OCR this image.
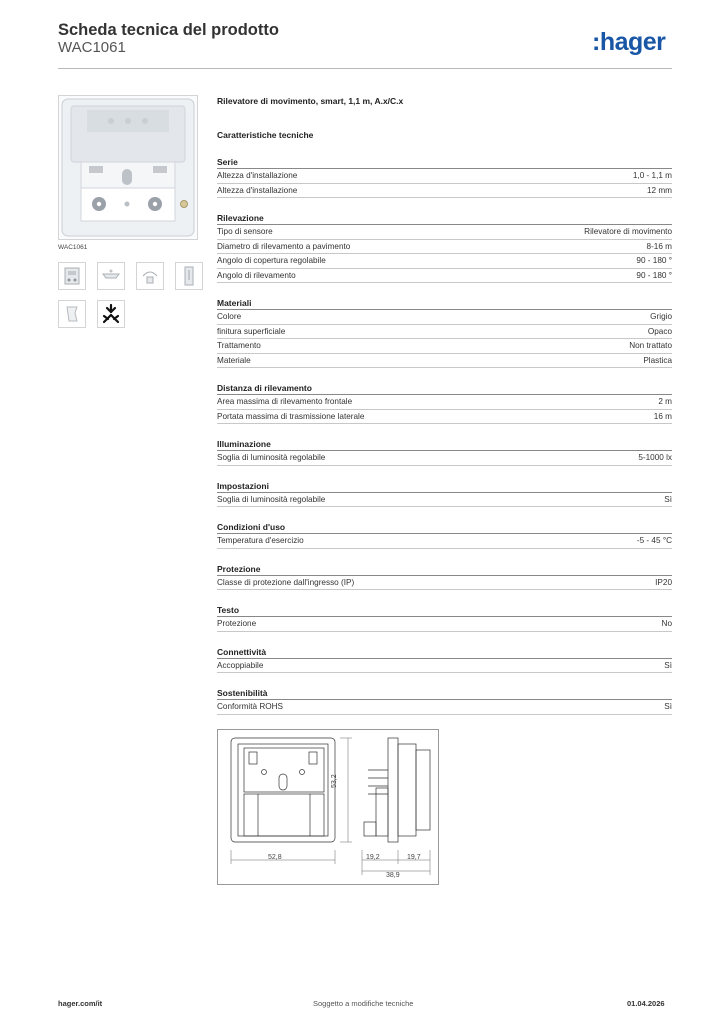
Scheda tecnica del prodotto
WAC1061	:hager
WAC1061
Rilevatore di movimento, smart, 1,1 m, A.x/C.x
Caratteristiche tecniche
Serie
Altezza d'installazione	1,0 - 1,1 m
Altezza d'installazione	12 mm
Rilevazione
Tipo di sensore	Rilevatore di movimento
Diametro di rilevamento a pavimento	8-16 m
Angolo di copertura regolabile	90 - 180 °
Angolo di rilevamento	90 - 180 °
Materiali
Colore	Grigio
finitura superficiale	Opaco
Trattamento	Non trattato
Materiale	Plastica
Distanza di rilevamento
Area massima di rilevamento frontale	2 m
Portata massima di trasmissione laterale	16 m
Illuminazione
Soglia di luminosità regolabile	5-1000 lx
Impostazioni
Soglia di luminosità regolabile	Sì
Condizioni d'uso
Temperatura d'esercizio	-5 - 45 °C
Protezione
Classe di protezione dall'ingresso (IP)	IP20
Testo
Protezione	No
Connettività
Accoppiabile	Sì
Sostenibilità
Conformità ROHS	Sì
52,8
53,2
19,2	19,7
38,9
hager.com/it	Soggetto a modifiche tecniche	01.04.2026
